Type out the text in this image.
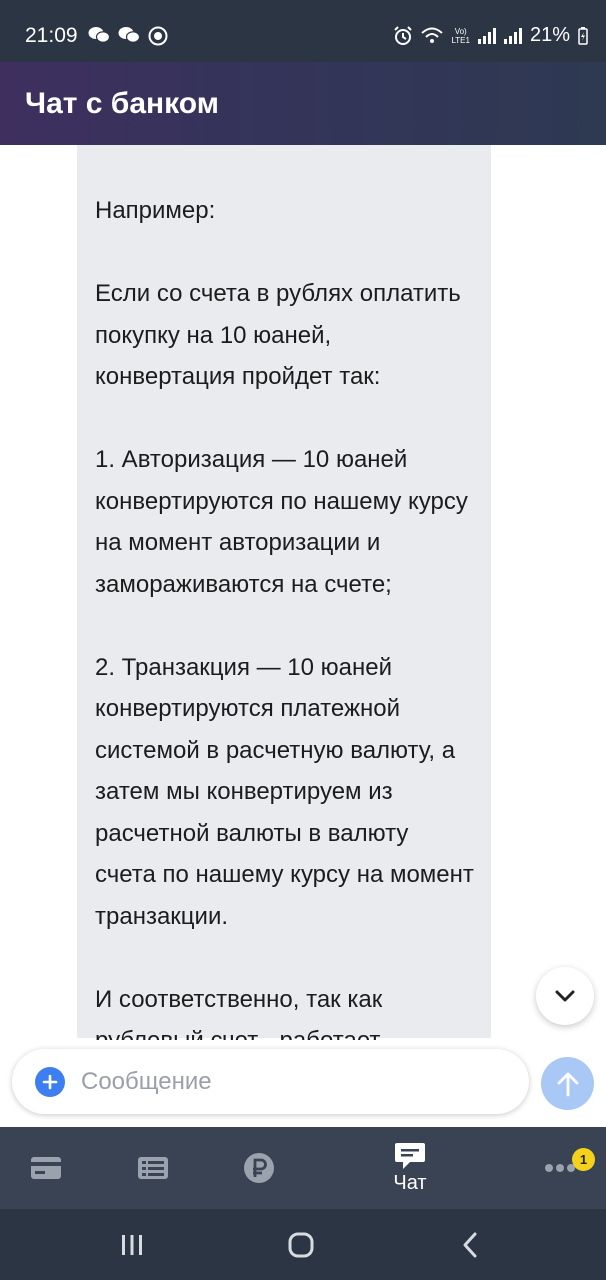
21:09	Vo)
LTE1	21%
Чат с банком

Например:

Если со счета в рублях оплатить покупку на 10 юаней, конвертация пройдет так:

1. Авторизация — 10 юаней конвертируются по нашему курсу на момент авторизации и замораживаются на счете;

2. Транзакция — 10 юаней конвертируются платежной системой в расчетную валюту, а затем мы конвертируем из расчетной валюты в валюту счета по нашему курсу на момент транзакции.

И соответственно, так как

Сообщение
Чат
1
